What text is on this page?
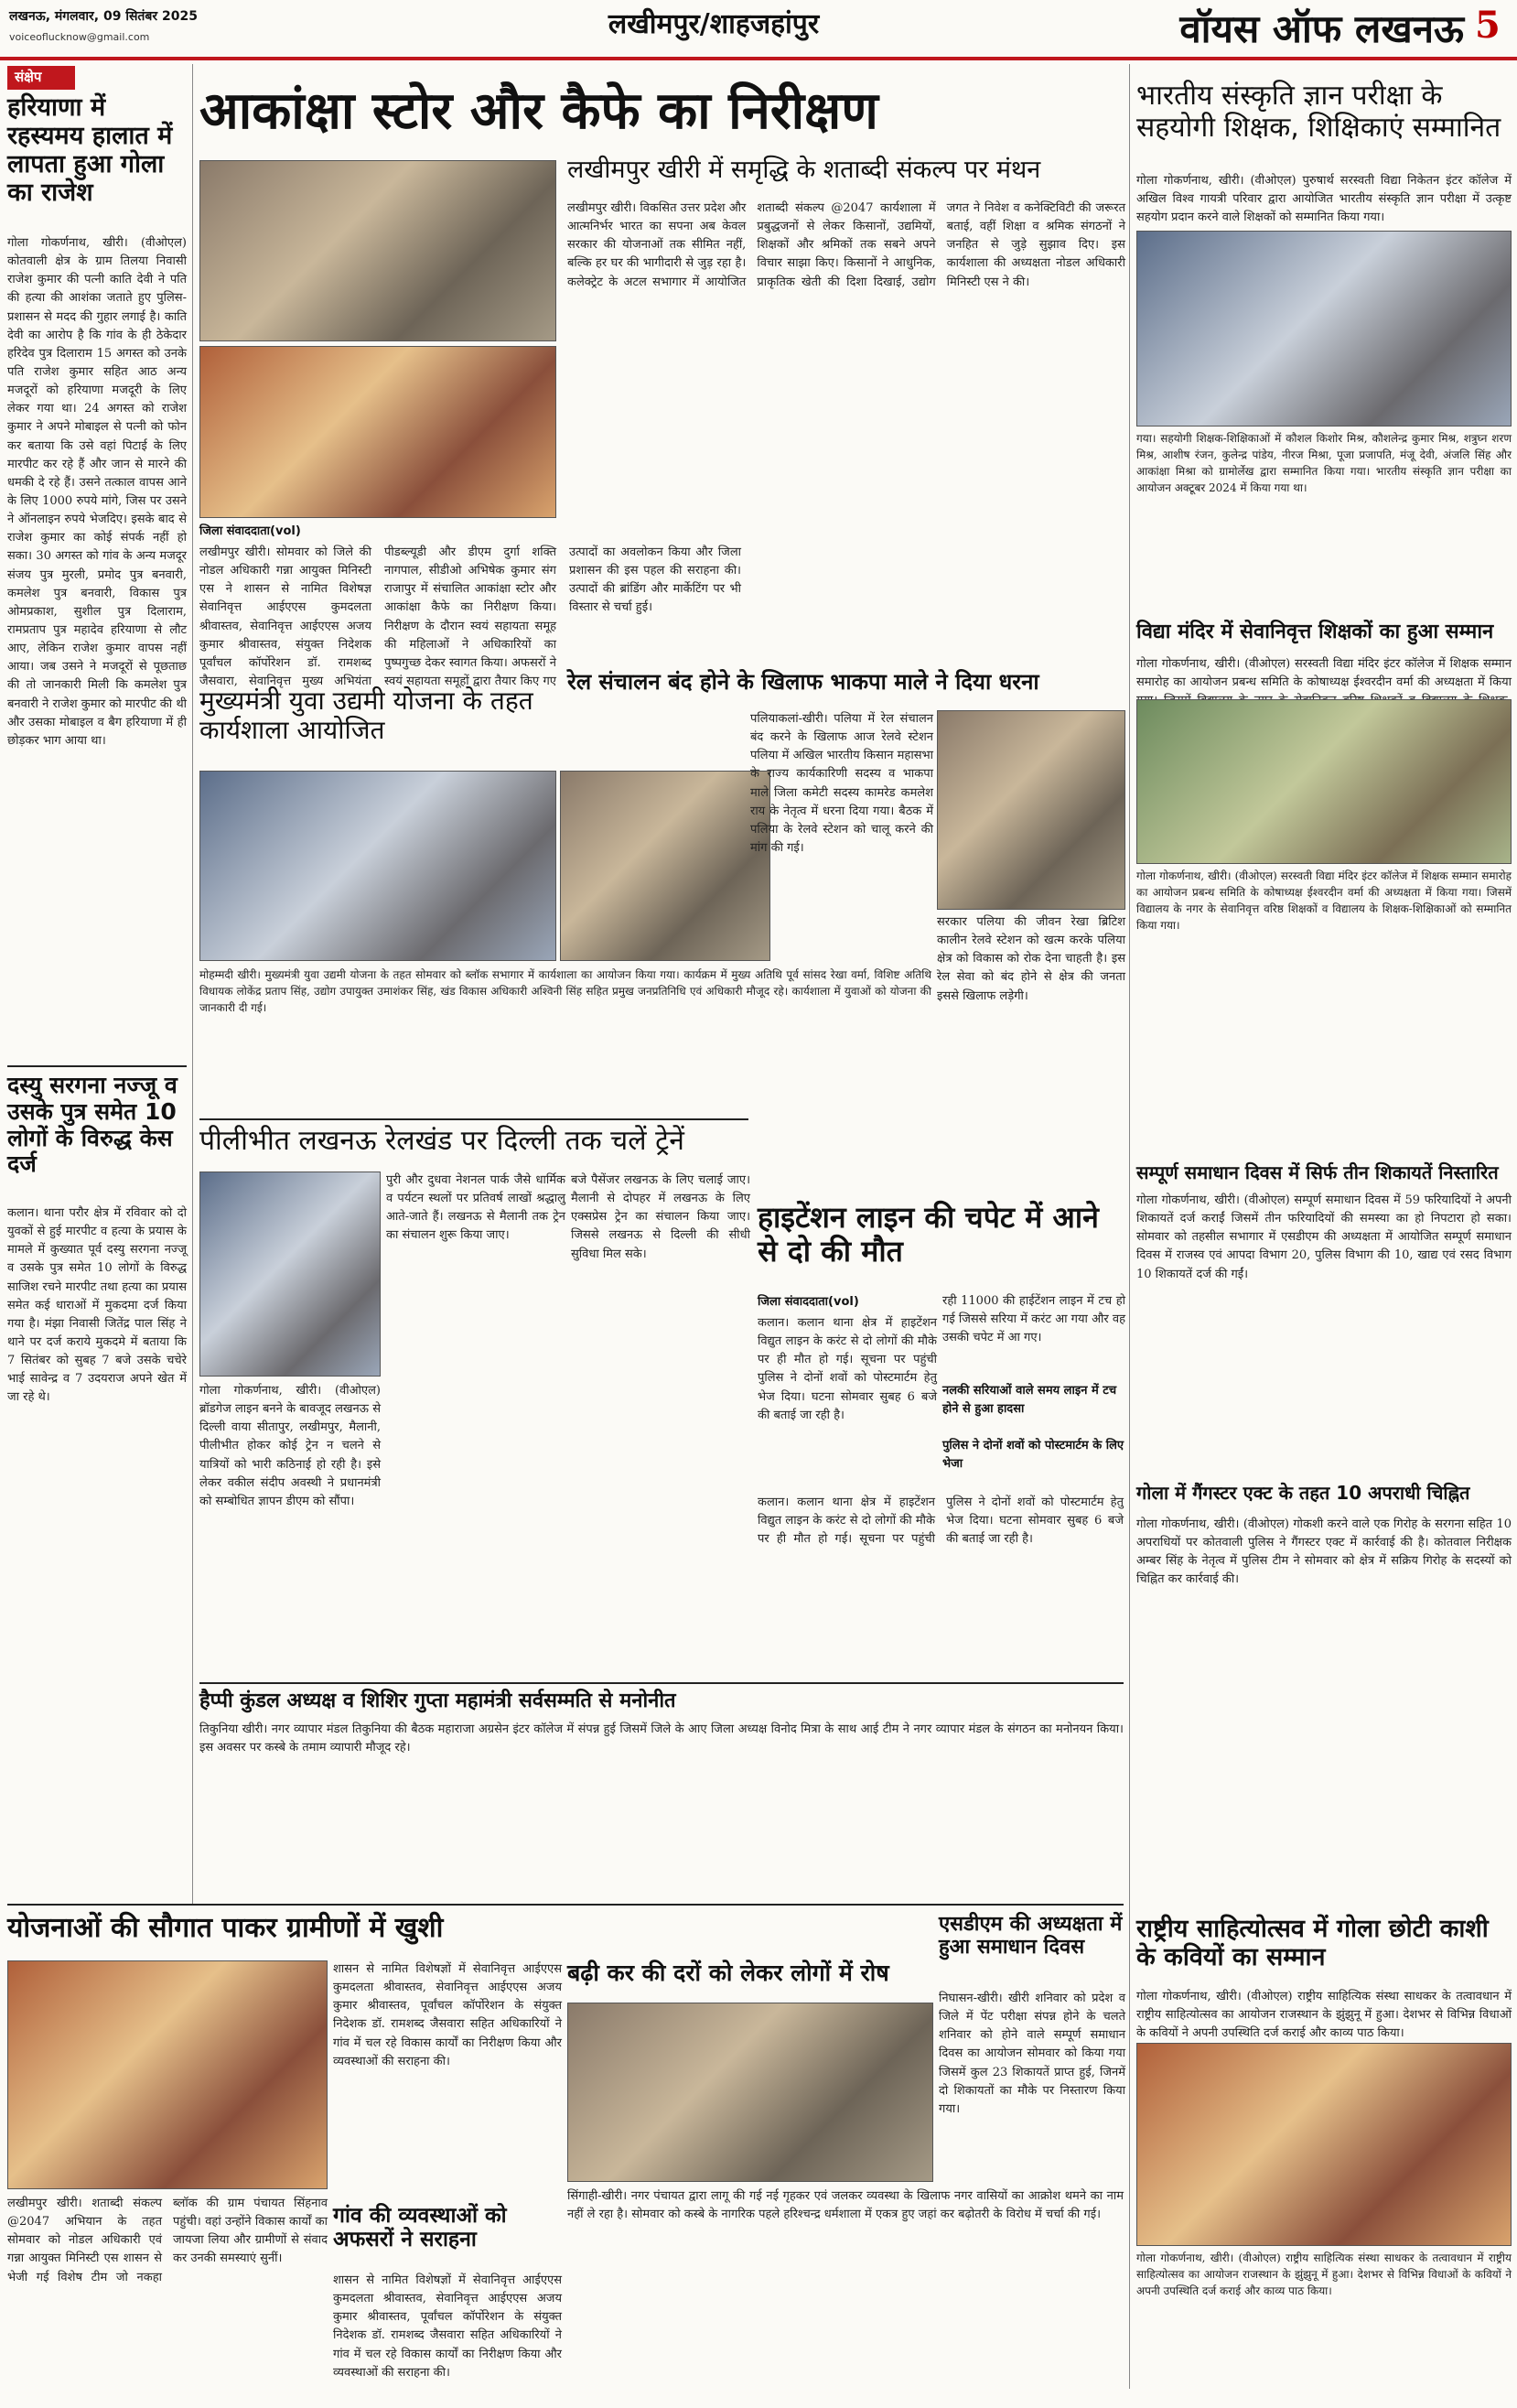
लखनऊ, मंगलवार, 09 सितंबर 2025
voiceoflucknow@gmail.com	लखीमपुर/शाहजहांपुर	वॉयस ऑफ लखनऊ 5
संक्षेप
हरियाणा में रहस्यमय हालात में लापता हुआ गोला का राजेश
गोला गोकर्णनाथ, खीरी। (वीओएल) कोतवाली क्षेत्र के ग्राम तिलया निवासी राजेश कुमार की पत्नी काति देवी ने पति की हत्या की आशंका जताते हुए पुलिस-प्रशासन से मदद की गुहार लगाई है। काति देवी का आरोप है कि गांव के ही ठेकेदार हरिदेव पुत्र दिलाराम 15 अगस्त को उनके पति राजेश कुमार सहित आठ अन्य मजदूरों को हरियाणा मजदूरी के लिए लेकर गया था। 24 अगस्त को राजेश कुमार ने अपने मोबाइल से पत्नी को फोन कर बताया कि उसे वहां पिटाई के लिए मारपीट कर रहे हैं और जान से मारने की धमकी दे रहे हैं। उसने तत्काल वापस आने के लिए 1000 रुपये मांगे, जिस पर उसने ने ऑनलाइन रुपये भेजदिए। इसके बाद से राजेश कुमार का कोई संपर्क नहीं हो सका। 30 अगस्त को गांव के अन्य मजदूर संजय पुत्र मुरली, प्रमोद पुत्र बनवारी, कमलेश पुत्र बनवारी, विकास पुत्र ओमप्रकाश, सुशील पुत्र दिलाराम, रामप्रताप पुत्र महादेव हरियाणा से लौट आए, लेकिन राजेश कुमार वापस नहीं आया। जब उसने ने मजदूरों से पूछताछ की तो जानकारी मिली कि कमलेश पुत्र बनवारी ने राजेश कुमार को मारपीट की थी और उसका मोबाइल व बैग हरियाणा में ही छोड़कर भाग आया था।
दस्यु सरगना नज्जू व उसके पुत्र समेत 10 लोगों के विरुद्ध केस दर्ज
कलान। थाना परौर क्षेत्र में रविवार को दो युवकों से हुई मारपीट व हत्या के प्रयास के मामले में कुख्यात पूर्व दस्यु सरगना नज्जू व उसके पुत्र समेत 10 लोगों के विरुद्ध साजिश रचने मारपीट तथा हत्या का प्रयास समेत कई धाराओं में मुकदमा दर्ज किया गया है। मंझा निवासी जितेंद्र पाल सिंह ने थाने पर दर्ज कराये मुकदमे में बताया कि 7 सितंबर को सुबह 7 बजे उसके चचेरे भाई सावेन्द्र व 7 उदयराज अपने खेत में जा रहे थे।
आकांक्षा स्टोर और कैफे का निरीक्षण
जिला संवाददाता(vol)
लखीमपुर खीरी। सोमवार को जिले की नोडल अधिकारी गन्ना आयुक्त मिनिस्टी एस ने शासन से नामित विशेषज्ञ सेवानिवृत्त आईएएस कुमदलता श्रीवास्तव, सेवानिवृत्त आईएएस अजय कुमार श्रीवास्तव, संयुक्त निदेशक पूर्वांचल कॉर्पोरेशन डॉ. रामशब्द जैसवारा, सेवानिवृत्त मुख्य अभियंता पीडब्ल्यूडी और डीएम दुर्गा शक्ति नागपाल, सीडीओ अभिषेक कुमार संग राजापुर में संचालित आकांक्षा स्टोर और आकांक्षा कैफे का निरीक्षण किया। निरीक्षण के दौरान स्वयं सहायता समूह की महिलाओं ने अधिकारियों का पुष्पगुच्छ देकर स्वागत किया। अफसरों ने स्वयं सहायता समूहों द्वारा तैयार किए गए उत्पादों का अवलोकन किया और जिला प्रशासन की इस पहल की सराहना की। उत्पादों की ब्रांडिंग और मार्केटिंग पर भी विस्तार से चर्चा हुई।
लखीमपुर खीरी में समृद्धि के शताब्दी संकल्प पर मंथन
लखीमपुर खीरी। विकसित उत्तर प्रदेश और आत्मनिर्भर भारत का सपना अब केवल सरकार की योजनाओं तक सीमित नहीं, बल्कि हर घर की भागीदारी से जुड़ रहा है। कलेक्ट्रेट के अटल सभागार में आयोजित शताब्दी संकल्प @2047 कार्यशाला में प्रबुद्धजनों से लेकर किसानों, उद्यमियों, शिक्षकों और श्रमिकों तक सबने अपने विचार साझा किए। किसानों ने आधुनिक, प्राकृतिक खेती की दिशा दिखाई, उद्योग जगत ने निवेश व कनेक्टिविटी की जरूरत बताई, वहीं शिक्षा व श्रमिक संगठनों ने जनहित से जुड़े सुझाव दिए। इस कार्यशाला की अध्यक्षता नोडल अधिकारी मिनिस्टी एस ने की।
भारतीय संस्कृति ज्ञान परीक्षा के सहयोगी शिक्षक, शिक्षिकाएं सम्मानित
गोला गोकर्णनाथ, खीरी। (वीओएल) पुरुषार्थ सरस्वती विद्या निकेतन इंटर कॉलेज में अखिल विश्व गायत्री परिवार द्वारा आयोजित भारतीय संस्कृति ज्ञान परीक्षा में उत्कृष्ट सहयोग प्रदान करने वाले शिक्षकों को सम्मानित किया गया।
गया। सहयोगी शिक्षक-शिक्षिकाओं में कौशल किशोर मिश्र, कौशलेन्द्र कुमार मिश्र, शत्रुघ्न शरण मिश्र, आशीष रंजन, कुलेन्द्र पांडेय, नीरज मिश्रा, पूजा प्रजापति, मंजू देवी, अंजलि सिंह और आकांक्षा मिश्रा को ग्रामोर्लेख द्वारा सम्मानित किया गया। भारतीय संस्कृति ज्ञान परीक्षा का आयोजन अक्टूबर 2024 में किया गया था।
विद्या मंदिर में सेवानिवृत्त शिक्षकों का हुआ सम्मान
गोला गोकर्णनाथ, खीरी। (वीओएल) सरस्वती विद्या मंदिर इंटर कॉलेज में शिक्षक सम्मान समारोह का आयोजन प्रबन्ध समिति के कोषाध्यक्ष ईश्वरदीन वर्मा की अध्यक्षता में किया
गोला गोकर्णनाथ, खीरी। (वीओएल) सरस्वती विद्या मंदिर इंटर कॉलेज में शिक्षक सम्मान समारोह का आयोजन प्रबन्ध समिति के कोषाध्यक्ष ईश्वरदीन वर्मा की अध्यक्षता में किया गया। जिसमें विद्यालय के नगर के सेवानिवृत्त वरिष्ठ शिक्षकों व विद्यालय के शिक्षक-शिक्षिकाओं को सम्मानित किया गया।
सम्पूर्ण समाधान दिवस में सिर्फ तीन शिकायतें निस्तारित
गोला गोकर्णनाथ, खीरी। (वीओएल) सम्पूर्ण समाधान दिवस में 59 फरियादियों ने अपनी शिकायतें दर्ज कराईं जिसमें तीन फरियादियों की समस्या का हो निपटारा हो सका। सोमवार को तहसील सभागार में एसडीएम की अध्यक्षता में आयोजित सम्पूर्ण समाधान दिवस में राजस्व एवं आपदा विभाग 20, पुलिस विभाग की 10, खाद्य एवं रसद विभाग 10 शिकायतें दर्ज की गईं।
गोला में गैंगस्टर एक्ट के तहत 10 अपराधी चिह्नित
गोला गोकर्णनाथ, खीरी। (वीओएल) गोकशी करने वाले एक गिरोह के सरगना सहित 10 अपराधियों पर कोतवाली पुलिस ने गैंगस्टर एक्ट में कार्रवाई की है। कोतवाल निरीक्षक अम्बर सिंह के नेतृत्व में पुलिस टीम ने सोमवार को क्षेत्र में सक्रिय गिरोह के सदस्यों को चिह्नित कर कार्रवाई की।
राष्ट्रीय साहित्योत्सव में गोला छोटी काशी के कवियों का सम्मान
गोला गोकर्णनाथ, खीरी। (वीओएल) राष्ट्रीय साहित्यिक संस्था साधकर के तत्वावधान में राष्ट्रीय साहित्योत्सव का आयोजन राजस्थान के झुंझुनू में हुआ। देशभर से विभिन्न विधाओं के कवियों ने अपनी उपस्थिति दर्ज कराई और काव्य पाठ किया।
गोला गोकर्णनाथ, खीरी। (वीओएल) राष्ट्रीय साहित्यिक संस्था साधकर के तत्वावधान में राष्ट्रीय साहित्योत्सव का आयोजन राजस्थान के झुंझुनू में हुआ। देशभर से विभिन्न विधाओं के कवियों ने अपनी उपस्थिति दर्ज कराई और काव्य पाठ किया।
मुख्यमंत्री युवा उद्यमी योजना के तहत कार्यशाला आयोजित
मोहम्मदी खीरी। मुख्यमंत्री युवा उद्यमी योजना के तहत सोमवार को ब्लॉक सभागार में कार्यशाला का आयोजन किया गया। कार्यक्रम में मुख्य अतिथि पूर्व सांसद रेखा वर्मा, विशिष्ट अतिथि विधायक लोकेंद्र प्रताप सिंह, उद्योग उपायुक्त उमाशंकर सिंह, खंड विकास अधिकारी अश्विनी सिंह सहित प्रमुख जनप्रतिनिधि एवं अधिकारी मौजूद रहे। कार्यशाला में युवाओं को योजना की जानकारी दी गई।
रेल संचालन बंद होने के खिलाफ भाकपा माले ने दिया धरना
पलियाकलां-खीरी। पलिया में रेल संचालन बंद करने के खिलाफ आज रेलवे स्टेशन पलिया में अखिल भारतीय किसान महासभा के राज्य कार्यकारिणी सदस्य व भाकपा माले जिला कमेटी सदस्य कामरेड कमलेश राय के नेतृत्व में धरना दिया गया। बैठक में पलिया के रेलवे स्टेशन को चालू करने की मांग की गई।
सरकार पलिया की जीवन रेखा ब्रिटिश कालीन रेलवे स्टेशन को खत्म करके पलिया क्षेत्र को विकास को रोक देना चाहती है। इस रेल सेवा को बंद होने से क्षेत्र की जनता इससे खिलाफ लड़ेगी।
पीलीभीत लखनऊ रेलखंड पर दिल्ली तक चलें ट्रेनें
गोला गोकर्णनाथ, खीरी। (वीओएल) ब्रॉडगेज लाइन बनने के बावजूद लखनऊ से दिल्ली वाया सीतापुर, लखीमपुर, मैलानी, पीलीभीत होकर कोई ट्रेन न चलने से यात्रियों को भारी कठिनाई हो रही है। इसे लेकर वकील संदीप अवस्थी ने प्रधानमंत्री को सम्बोधित ज्ञापन डीएम को सौंपा।
पुरी और दुधवा नेशनल पार्क जैसे धार्मिक व पर्यटन स्थलों पर प्रतिवर्ष लाखों श्रद्धालु आते-जाते हैं। लखनऊ से मैलानी तक ट्रेन का संचालन शुरू किया जाए।
बजे पैसेंजर लखनऊ के लिए चलाई जाए। मैलानी से दोपहर में लखनऊ के लिए एक्सप्रेस ट्रेन का संचालन किया जाए। जिससे लखनऊ से दिल्ली की सीधी सुविधा मिल सके।
हाइटेंशन लाइन की चपेट में आने से दो की मौत
जिला संवाददाता(vol)
कलान। कलान थाना क्षेत्र में हाइटेंशन विद्युत लाइन के करंट से दो लोगों की मौके पर ही मौत हो गई। सूचना पर पहुंची पुलिस ने दोनों शवों को पोस्टमार्टम हेतु भेज दिया। घटना सोमवार सुबह 6 बजे की बताई जा रही है।
रही 11000 की हाईटेंशन लाइन में टच हो गई जिससे सरिया में करंट आ गया और वह उसकी चपेट में आ गए।
नलकी सरियाओं वाले समय लाइन में टच होने से हुआ हादसा
पुलिस ने दोनों शवों को पोस्टमार्टम के लिए भेजा
कलान। कलान थाना क्षेत्र में हाइटेंशन विद्युत लाइन के करंट से दो लोगों की मौके पर ही मौत हो गई। सूचना पर पहुंची पुलिस ने दोनों शवों को पोस्टमार्टम हेतु भेज दिया। घटना सोमवार सुबह 6 बजे की बताई जा रही है।
हैप्पी कुंडल अध्यक्ष व शिशिर गुप्ता महामंत्री सर्वसम्मति से मनोनीत
तिकुनिया खीरी। नगर व्यापार मंडल तिकुनिया की बैठक महाराजा अग्रसेन इंटर कॉलेज में संपन्न हुई जिसमें जिले के आए जिला अध्यक्ष विनोद मित्रा के साथ आई टीम ने नगर व्यापार मंडल के संगठन का मनोनयन किया। इस अवसर पर कस्बे के तमाम व्यापारी मौजूद रहे।
योजनाओं की सौगात पाकर ग्रामीणों में खुशी
लखीमपुर खीरी। शताब्दी संकल्प @2047 अभियान के तहत सोमवार को नोडल अधिकारी एवं गन्ना आयुक्त मिनिस्टी एस शासन से भेजी गई विशेष टीम जो नकहा ब्लॉक की ग्राम पंचायत सिंहनाव पहुंची। वहां उन्होंने विकास कार्यों का जायजा लिया और ग्रामीणों से संवाद कर उनकी समस्याएं सुनीं।
शासन से नामित विशेषज्ञों में सेवानिवृत्त आईएएस कुमदलता श्रीवास्तव, सेवानिवृत्त आईएएस अजय कुमार श्रीवास्तव, पूर्वांचल कॉर्पोरेशन के संयुक्त निदेशक डॉ. रामशब्द जैसवारा सहित अधिकारियों ने गांव में चल रहे विकास कार्यों का निरीक्षण किया और व्यवस्थाओं की सराहना की।
गांव की व्यवस्थाओं को अफसरों ने सराहना
शासन से नामित विशेषज्ञों में सेवानिवृत्त आईएएस कुमदलता श्रीवास्तव, सेवानिवृत्त आईएएस अजय कुमार श्रीवास्तव, पूर्वांचल कॉर्पोरेशन के संयुक्त निदेशक डॉ. रामशब्द जैसवारा सहित अधिकारियों ने गांव में चल रहे विकास कार्यों का निरीक्षण किया और व्यवस्थाओं की सराहना की।
बढ़ी कर की दरों को लेकर लोगों में रोष
सिंगाही-खीरी। नगर पंचायत द्वारा लागू की गई नई गृहकर एवं जलकर व्यवस्था के खिलाफ नगर वासियों का आक्रोश थमने का नाम नहीं ले रहा है। सोमवार को कस्बे के नागरिक पहले हरिश्चन्द्र धर्मशाला में एकत्र हुए जहां कर बढ़ोतरी के विरोध में चर्चा की गई।
एसडीएम की अध्यक्षता में हुआ समाधान दिवस
निघासन-खीरी। खीरी शनिवार को प्रदेश व जिले में पेंट परीक्षा संपन्न होने के चलते शनिवार को होने वाले सम्पूर्ण समाधान दिवस का आयोजन सोमवार को किया गया जिसमें कुल 23 शिकायतें प्राप्त हुई, जिनमें दो शिकायतों का मौके पर निस्तारण किया गया।
